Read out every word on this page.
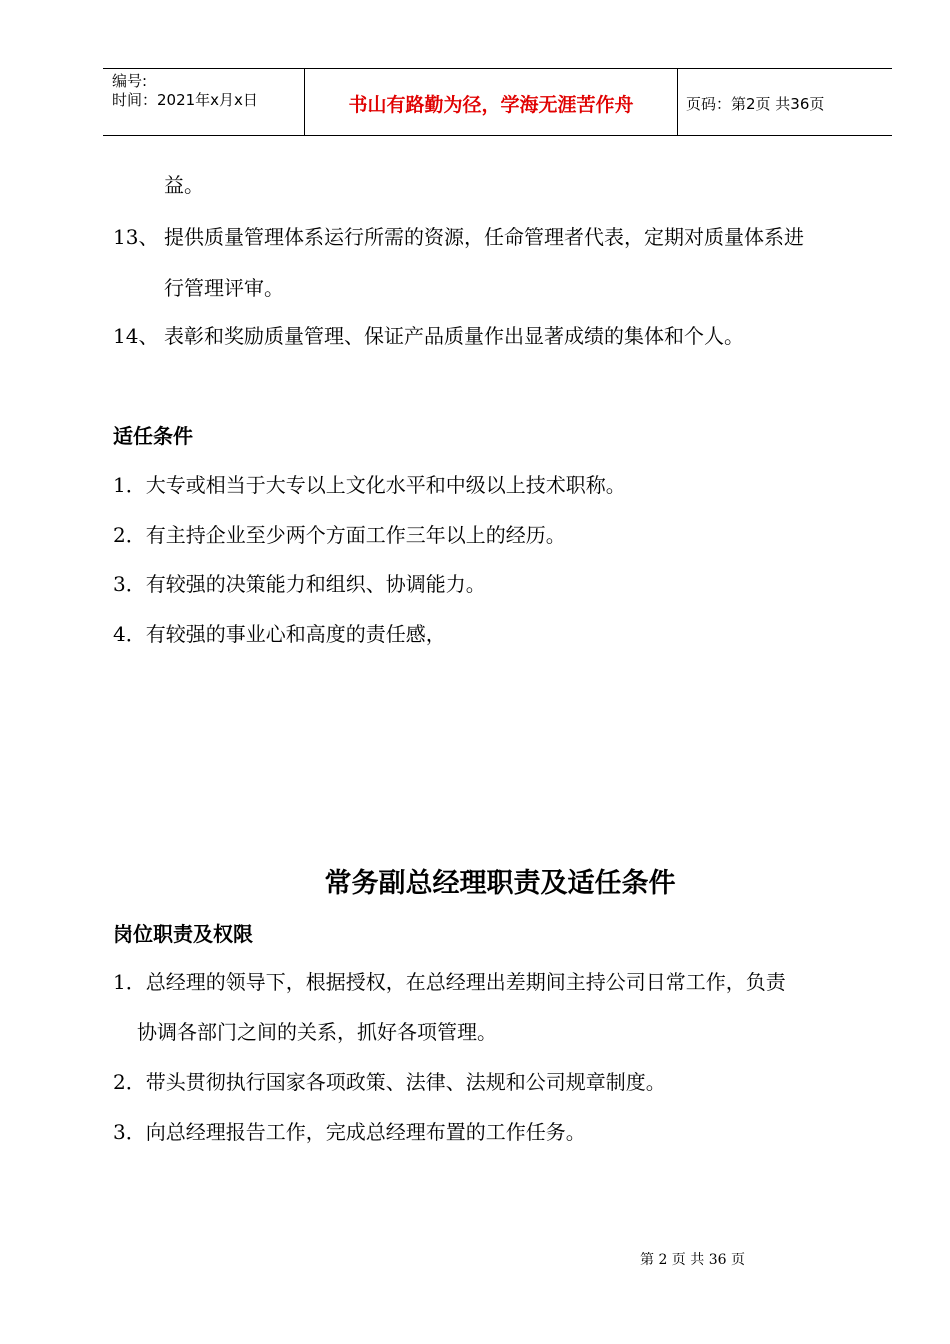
编号:
时间：2021年x月x日	书山有路勤为径，学海无涯苦作舟	页码：第2页 共36页
益。
13、 提供质量管理体系运行所需的资源，任命管理者代表，定期对质量体系进
行管理评审。
14、 表彰和奖励质量管理、保证产品质量作出显著成绩的集体和个人。
适任条件
1．大专或相当于大专以上文化水平和中级以上技术职称。
2．有主持企业至少两个方面工作三年以上的经历。
3．有较强的决策能力和组织、协调能力。
4．有较强的事业心和高度的责任感，
常务副总经理职责及适任条件
岗位职责及权限
1．总经理的领导下，根据授权，在总经理出差期间主持公司日常工作，负责
协调各部门之间的关系，抓好各项管理。
2．带头贯彻执行国家各项政策、法律、法规和公司规章制度。
3．向总经理报告工作，完成总经理布置的工作任务。
第 2 页 共 36 页
